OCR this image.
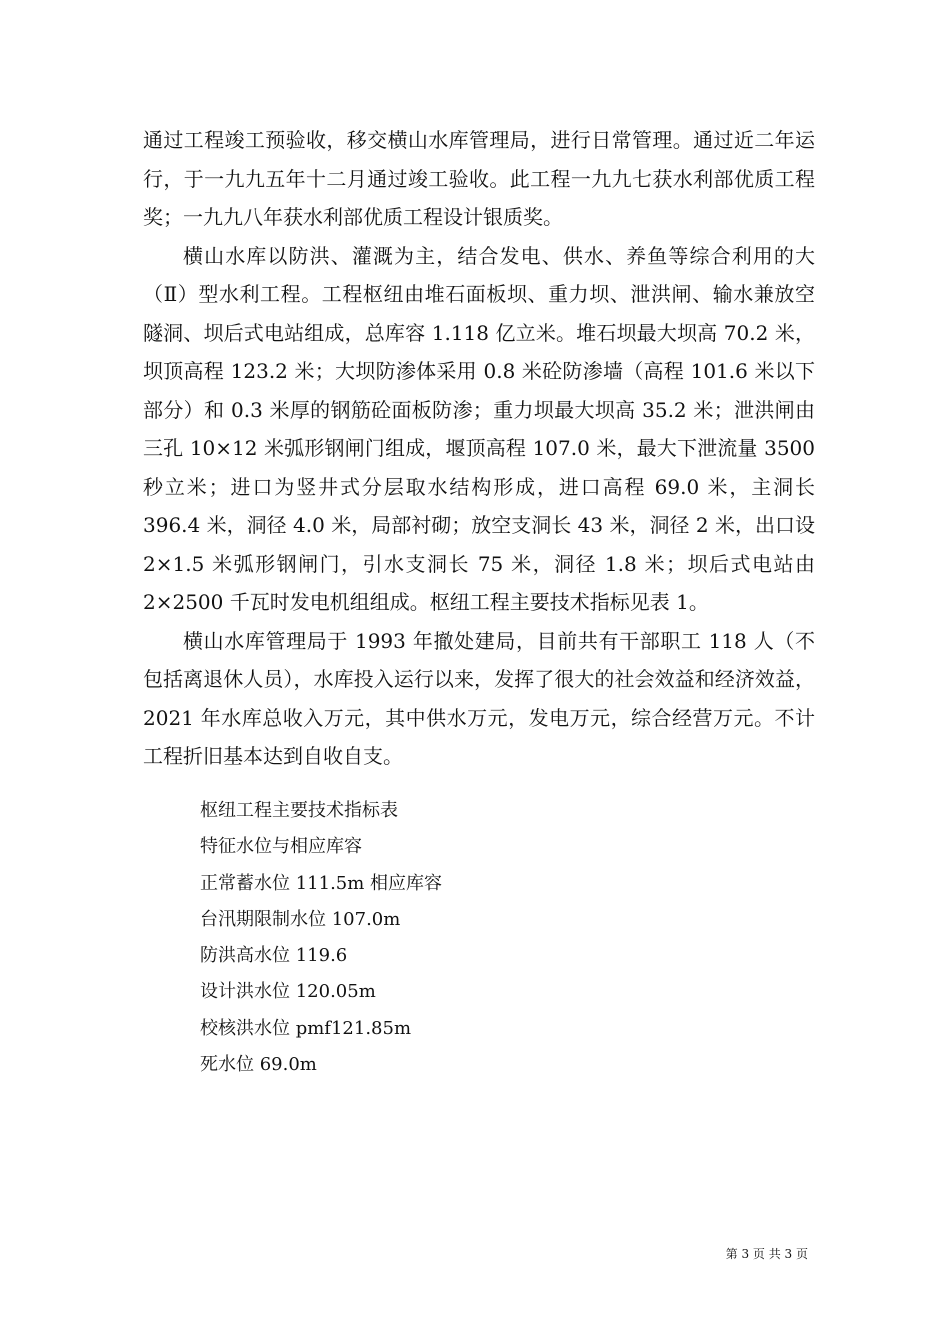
通过工程竣工预验收，移交横山水库管理局，进行日常管理。通过近二年运行，于一九九五年十二月通过竣工验收。此工程一九九七获水利部优质工程奖；一九九八年获水利部优质工程设计银质奖。

横山水库以防洪、灌溉为主，结合发电、供水、养鱼等综合利用的大（Ⅱ）型水利工程。工程枢纽由堆石面板坝、重力坝、泄洪闸、输水兼放空隧洞、坝后式电站组成，总库容 1.118 亿立米。堆石坝最大坝高 70.2 米，坝顶高程 123.2 米；大坝防渗体采用 0.8 米砼防渗墙（高程 101.6 米以下部分）和 0.3 米厚的钢筋砼面板防渗；重力坝最大坝高 35.2 米；泄洪闸由三孔 10×12 米弧形钢闸门组成，堰顶高程 107.0 米，最大下泄流量 3500 秒立米；进口为竖井式分层取水结构形成，进口高程 69.0 米，主洞长 396.4 米，洞径 4.0 米，局部衬砌；放空支洞长 43 米，洞径 2 米，出口设 2×1.5 米弧形钢闸门，引水支洞长 75 米，洞径 1.8 米；坝后式电站由 2×2500 千瓦时发电机组组成。枢纽工程主要技术指标见表 1。

横山水库管理局于 1993 年撤处建局，目前共有干部职工 118 人（不包括离退休人员），水库投入运行以来，发挥了很大的社会效益和经济效益，2021 年水库总收入万元，其中供水万元，发电万元，综合经营万元。不计工程折旧基本达到自收自支。

枢纽工程主要技术指标表
特征水位与相应库容
正常蓄水位 111.5m 相应库容
台汛期限制水位 107.0m
防洪高水位 119.6
设计洪水位 120.05m
校核洪水位 pmf121.85m
死水位 69.0m
第 3 页 共 3 页
